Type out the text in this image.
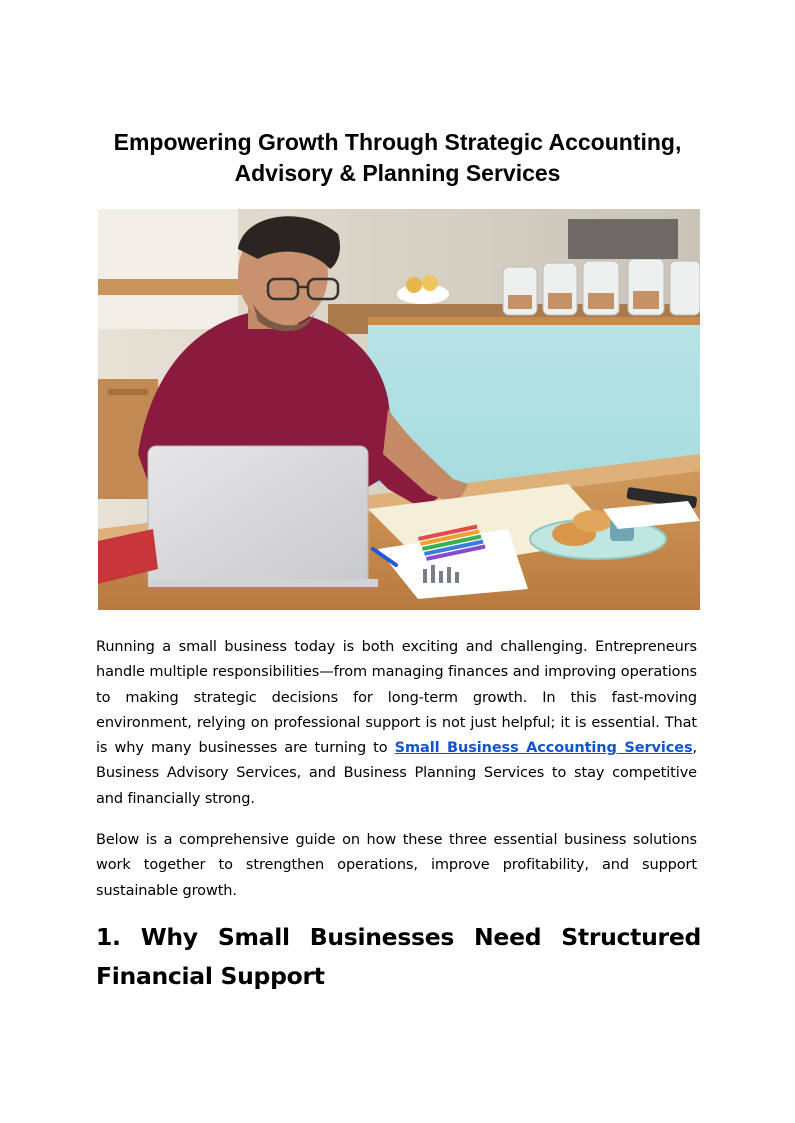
Empowering Growth Through Strategic Accounting,
Advisory & Planning Services

Running a small business today is both exciting and challenging. Entrepreneurs handle multiple responsibilities—from managing finances and improving operations to making strategic decisions for long-term growth. In this fast-moving environment, relying on professional support is not just helpful; it is essential. That is why many businesses are turning to Small Business Accounting Services, Business Advisory Services, and Business Planning Services to stay competitive and financially strong.

Below is a comprehensive guide on how these three essential business solutions work together to strengthen operations, improve profitability, and support sustainable growth.

1. Why Small Businesses Need Structured Financial Support
